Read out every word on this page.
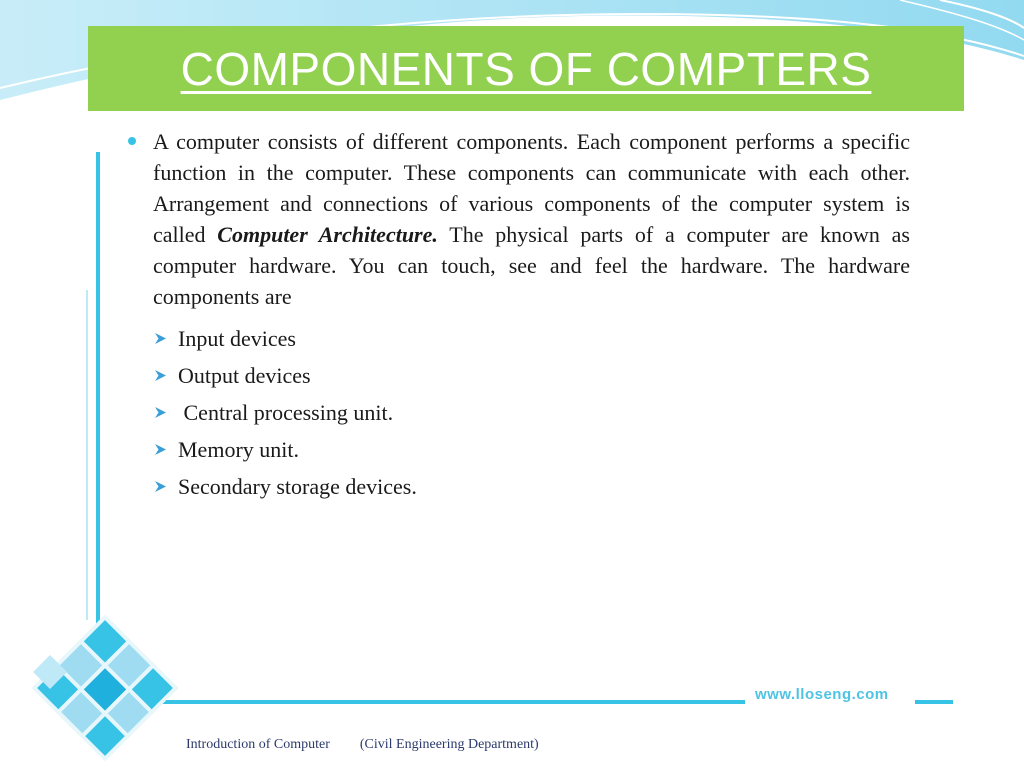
COMPONENTS OF COMPTERS

A computer consists of different components. Each component performs a specific function in the computer. These components can communicate with each other. Arrangement and connections of various components of the computer system is called Computer Architecture. The physical parts of a computer are known as computer hardware. You can touch, see and feel the hardware. The hardware components are

Input devices
Output devices
Central processing unit.
Memory unit.
Secondary storage devices.
www.lloseng.com
Introduction of Computer (Civil Engineering Department)
